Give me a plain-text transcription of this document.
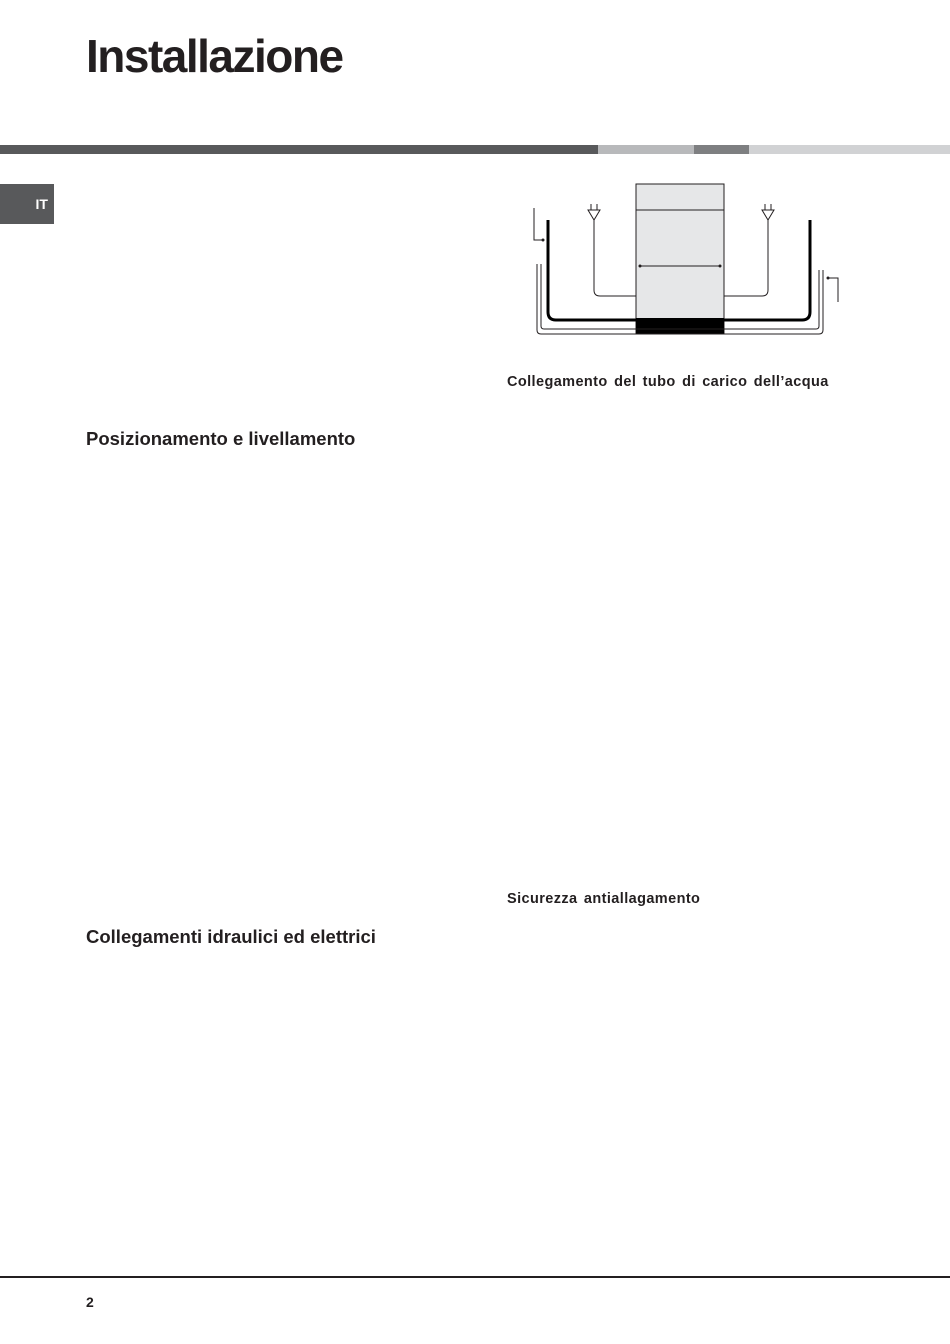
Installazione
IT

Collegamento del tubo di carico dell’acqua

Posizionamento e livellamento

Sicurezza antiallagamento

Collegamenti idraulici ed elettrici
2
